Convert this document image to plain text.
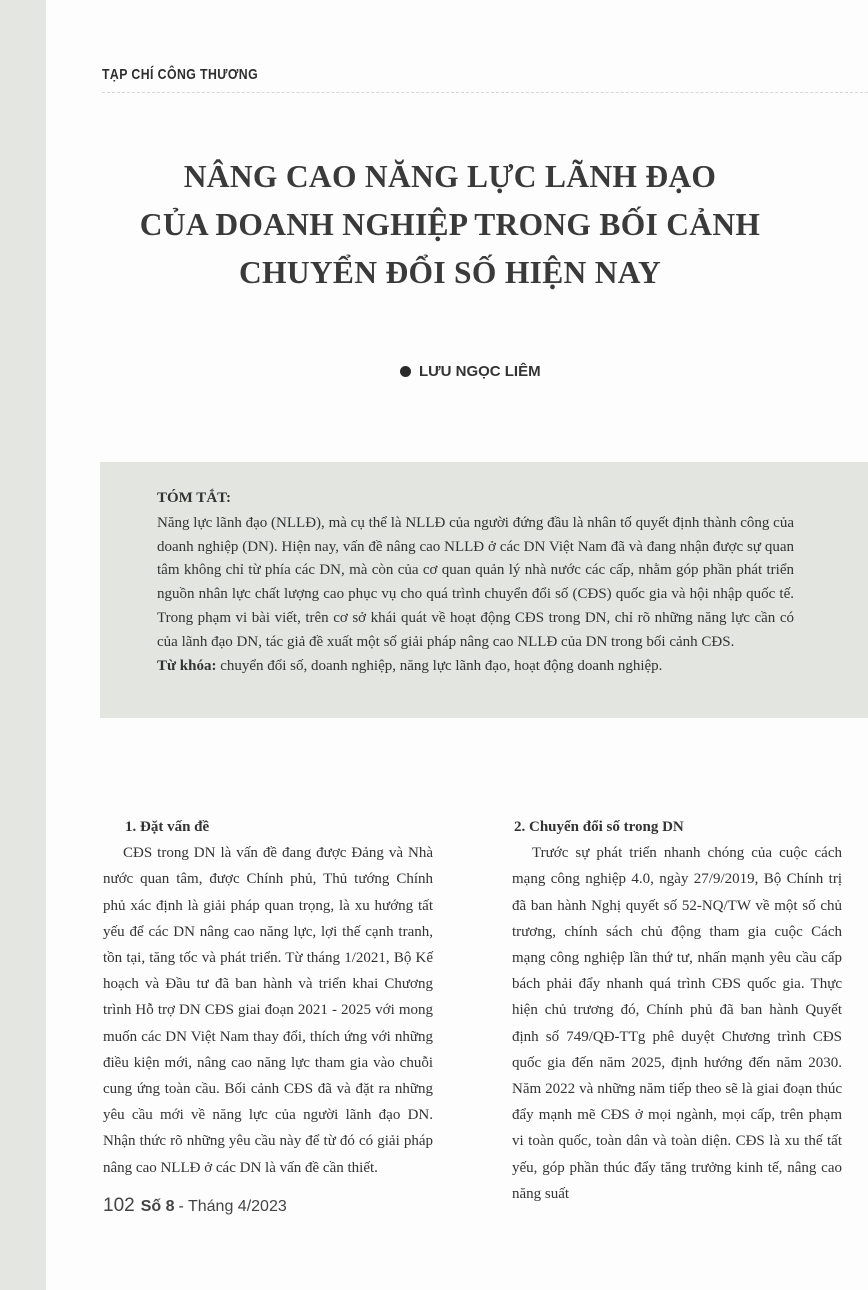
TẠP CHÍ CÔNG THƯƠNG
NÂNG CAO NĂNG LỰC LÃNH ĐẠO
CỦA DOANH NGHIỆP TRONG BỐI CẢNH
CHUYỂN ĐỔI SỐ HIỆN NAY
LƯU NGỌC LIÊM
TÓM TẮT:
Năng lực lãnh đạo (NLLĐ), mà cụ thể là NLLĐ của người đứng đầu là nhân tố quyết định thành công của doanh nghiệp (DN). Hiện nay, vấn đề nâng cao NLLĐ ở các DN Việt Nam đã và đang nhận được sự quan tâm không chỉ từ phía các DN, mà còn của cơ quan quản lý nhà nước các cấp, nhằm góp phần phát triển nguồn nhân lực chất lượng cao phục vụ cho quá trình chuyển đổi số (CĐS) quốc gia và hội nhập quốc tế. Trong phạm vi bài viết, trên cơ sở khái quát về hoạt động CĐS trong DN, chỉ rõ những năng lực cần có của lãnh đạo DN, tác giả đề xuất một số giải pháp nâng cao NLLĐ của DN trong bối cảnh CĐS.
Từ khóa: chuyển đổi số, doanh nghiệp, năng lực lãnh đạo, hoạt động doanh nghiệp.
1. Đặt vấn đề

CĐS trong DN là vấn đề đang được Đảng và Nhà nước quan tâm, được Chính phủ, Thủ tướng Chính phủ xác định là giải pháp quan trọng, là xu hướng tất yếu để các DN nâng cao năng lực, lợi thế cạnh tranh, tồn tại, tăng tốc và phát triển. Từ tháng 1/2021, Bộ Kế hoạch và Đầu tư đã ban hành và triển khai Chương trình Hỗ trợ DN CĐS giai đoạn 2021 - 2025 với mong muốn các DN Việt Nam thay đổi, thích ứng với những điều kiện mới, nâng cao năng lực tham gia vào chuỗi cung ứng toàn cầu. Bối cảnh CĐS đã và đặt ra những yêu cầu mới về năng lực của người lãnh đạo DN. Nhận thức rõ những yêu cầu này để từ đó có giải pháp nâng cao NLLĐ ở các DN là vấn đề cần thiết.

2. Chuyển đổi số trong DN

Trước sự phát triển nhanh chóng của cuộc cách mạng công nghiệp 4.0, ngày 27/9/2019, Bộ Chính trị đã ban hành Nghị quyết số 52-NQ/TW về một số chủ trương, chính sách chủ động tham gia cuộc Cách mạng công nghiệp lần thứ tư, nhấn mạnh yêu cầu cấp bách phải đẩy nhanh quá trình CĐS quốc gia. Thực hiện chủ trương đó, Chính phủ đã ban hành Quyết định số 749/QĐ-TTg phê duyệt Chương trình CĐS quốc gia đến năm 2025, định hướng đến năm 2030. Năm 2022 và những năm tiếp theo sẽ là giai đoạn thúc đẩy mạnh mẽ CĐS ở mọi ngành, mọi cấp, trên phạm vi toàn quốc, toàn dân và toàn diện. CĐS là xu thế tất yếu, góp phần thúc đẩy tăng trưởng kinh tế, nâng cao năng suất

102 Số 8 - Tháng 4/2023
